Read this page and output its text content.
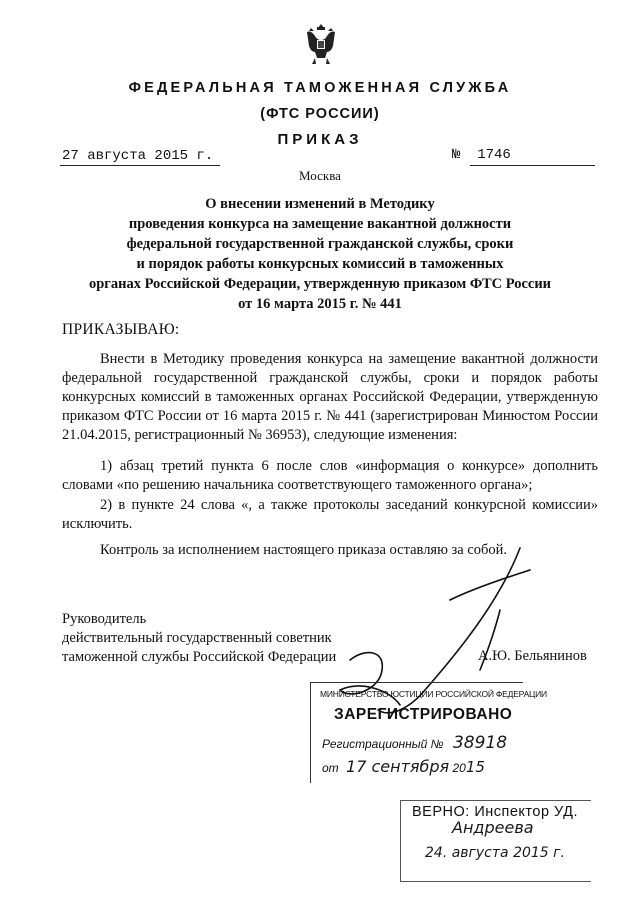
ФЕДЕРАЛЬНАЯ ТАМОЖЕННАЯ СЛУЖБА
(ФТС РОССИИ)
ПРИКАЗ
27 августа 2015 г.	№ 1746
Москва
О внесении изменений в Методику
проведения конкурса на замещение вакантной должности
федеральной государственной гражданской службы, сроки
и порядок работы конкурсных комиссий в таможенных
органах Российской Федерации, утвержденную приказом ФТС России
от 16 марта 2015 г. № 441
ПРИКАЗЫВАЮ:
Внести в Методику проведения конкурса на замещение вакантной должности федеральной государственной гражданской службы, сроки и порядок работы конкурсных комиссий в таможенных органах Российской Федерации, утвержденную приказом ФТС России от 16 марта 2015 г. № 441 (зарегистрирован Минюстом России 21.04.2015, регистрационный № 36953), следующие изменения:
1) абзац третий пункта 6 после слов «информация о конкурсе» дополнить словами «по решению начальника соответствующего таможенного органа»;
2) в пункте 24 слова «, а также протоколы заседаний конкурсной комиссии» исключить.
Контроль за исполнением настоящего приказа оставляю за собой.
Руководитель
действительный государственный советник
таможенной службы Российской Федерации	А.Ю. Бельянинов
МИНИСТЕРСТВО ЮСТИЦИИ РОССИЙСКОЙ ФЕДЕРАЦИИ
ЗАРЕГИСТРИРОВАНО
Регистрационный № 38918
от 17 сентября 2015
ВЕРНО: Инспектор УД.
Андреева
24. августа 2015 г.
